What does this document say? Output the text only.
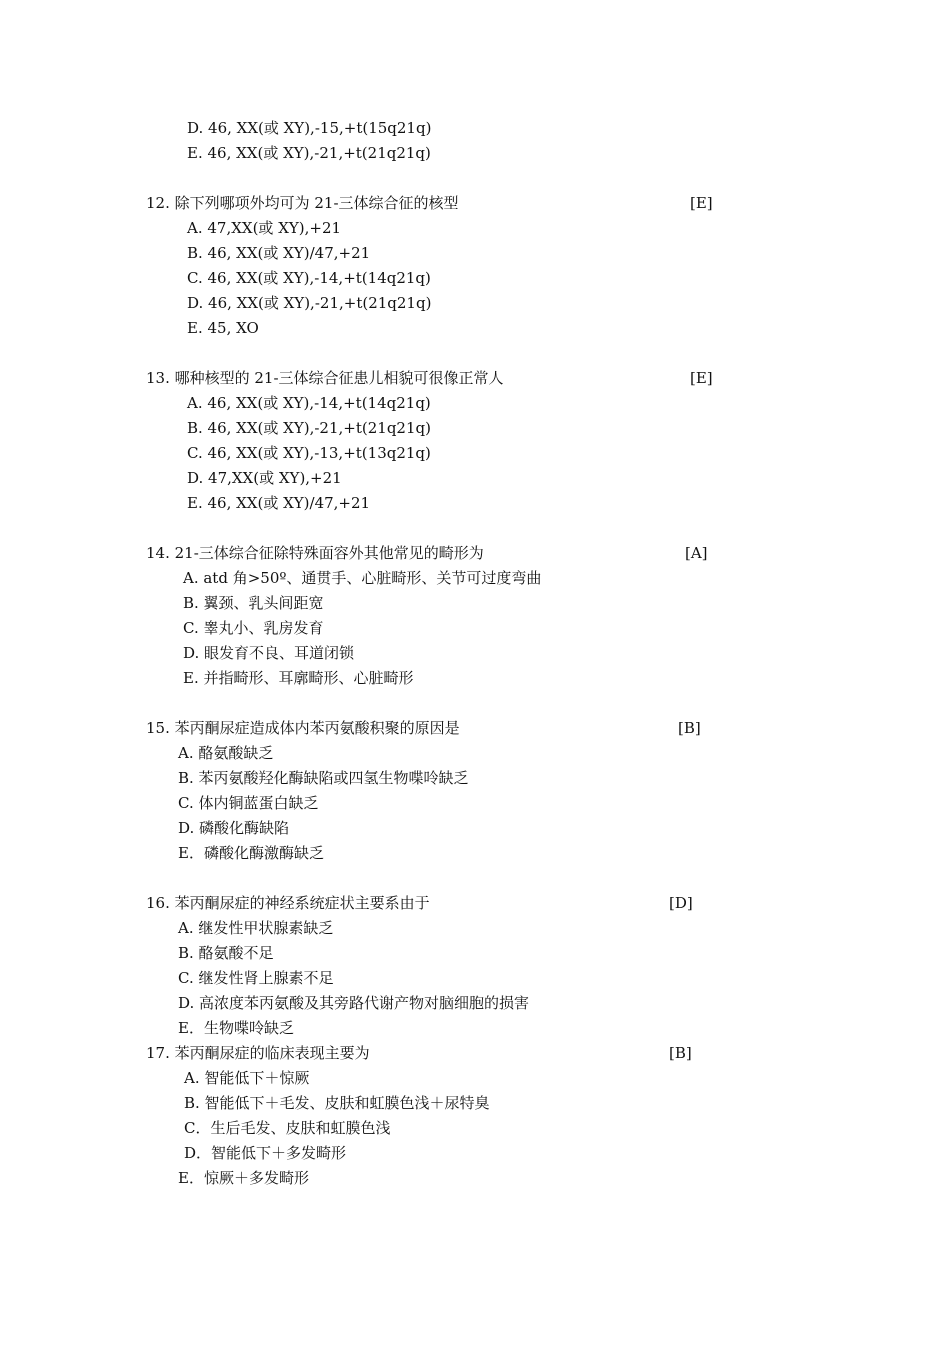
D. 46, XX(或 XY),-15,+t(15q21q)
E. 46, XX(或 XY),-21,+t(21q21q)
12. 除下列哪项外均可为 21-三体综合征的核型	[E]
A. 47,XX(或 XY),+21
B. 46, XX(或 XY)/47,+21
C. 46, XX(或 XY),-14,+t(14q21q)
D. 46, XX(或 XY),-21,+t(21q21q)
E. 45, XO
13. 哪种核型的 21-三体综合征患儿相貌可很像正常人	[E]
A. 46, XX(或 XY),-14,+t(14q21q)
B. 46, XX(或 XY),-21,+t(21q21q)
C. 46, XX(或 XY),-13,+t(13q21q)
D. 47,XX(或 XY),+21
E. 46, XX(或 XY)/47,+21
14. 21-三体综合征除特殊面容外其他常见的畸形为	[A]
A. atd 角>50º、通贯手、心脏畸形、关节可过度弯曲
B. 翼颈、乳头间距宽
C. 睾丸小、乳房发育
D. 眼发育不良、耳道闭锁
E. 并指畸形、耳廓畸形、心脏畸形
15. 苯丙酮尿症造成体内苯丙氨酸积聚的原因是	[B]
A. 酪氨酸缺乏
B. 苯丙氨酸羟化酶缺陷或四氢生物喋呤缺乏
C. 体内铜蓝蛋白缺乏
D. 磷酸化酶缺陷
E．磷酸化酶激酶缺乏
16. 苯丙酮尿症的神经系统症状主要系由于	[D]
A. 继发性甲状腺素缺乏
B. 酪氨酸不足
C. 继发性肾上腺素不足
D. 高浓度苯丙氨酸及其旁路代谢产物对脑细胞的损害
E．生物喋呤缺乏
17. 苯丙酮尿症的临床表现主要为	[B]
A. 智能低下＋惊厥
B. 智能低下＋毛发、皮肤和虹膜色浅＋尿特臭
C．生后毛发、皮肤和虹膜色浅
D．智能低下＋多发畸形
E．惊厥＋多发畸形
